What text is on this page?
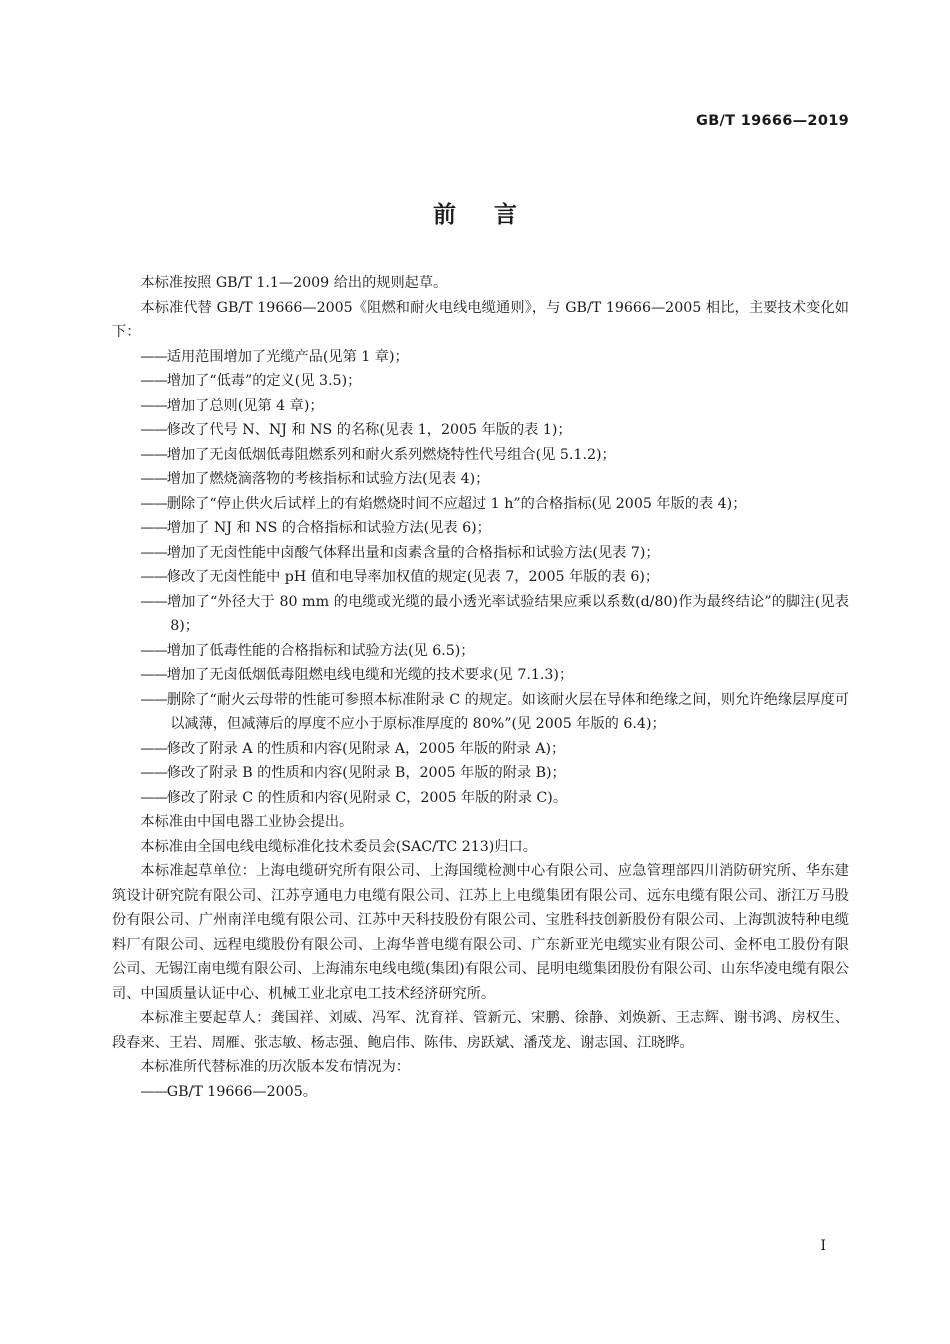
GB/T 19666—2019
前言

本标准按照 GB/T 1.1—2009 给出的规则起草。

本标准代替 GB/T 19666—2005《阻燃和耐火电线电缆通则》，与 GB/T 19666—2005 相比，主要技术变化如下：

——适用范围增加了光缆产品(见第 1 章)；

——增加了“低毒”的定义(见 3.5)；

——增加了总则(见第 4 章)；

——修改了代号 N、NJ 和 NS 的名称(见表 1，2005 年版的表 1)；

——增加了无卤低烟低毒阻燃系列和耐火系列燃烧特性代号组合(见 5.1.2)；

——增加了燃烧滴落物的考核指标和试验方法(见表 4)；

——删除了“停止供火后试样上的有焰燃烧时间不应超过 1 h”的合格指标(见 2005 年版的表 4)；

——增加了 NJ 和 NS 的合格指标和试验方法(见表 6)；

——增加了无卤性能中卤酸气体释出量和卤素含量的合格指标和试验方法(见表 7)；

——修改了无卤性能中 pH 值和电导率加权值的规定(见表 7，2005 年版的表 6)；

——增加了“外径大于 80 mm 的电缆或光缆的最小透光率试验结果应乘以系数(d/80)作为最终结论”的脚注(见表 8)；

——增加了低毒性能的合格指标和试验方法(见 6.5)；

——增加了无卤低烟低毒阻燃电线电缆和光缆的技术要求(见 7.1.3)；

——删除了“耐火云母带的性能可参照本标准附录 C 的规定。如该耐火层在导体和绝缘之间，则允许绝缘层厚度可以减薄，但减薄后的厚度不应小于原标准厚度的 80%”(见 2005 年版的 6.4)；

——修改了附录 A 的性质和内容(见附录 A，2005 年版的附录 A)；

——修改了附录 B 的性质和内容(见附录 B，2005 年版的附录 B)；

——修改了附录 C 的性质和内容(见附录 C，2005 年版的附录 C)。

本标准由中国电器工业协会提出。

本标准由全国电线电缆标准化技术委员会(SAC/TC 213)归口。

本标准起草单位：上海电缆研究所有限公司、上海国缆检测中心有限公司、应急管理部四川消防研究所、华东建筑设计研究院有限公司、江苏亨通电力电缆有限公司、江苏上上电缆集团有限公司、远东电缆有限公司、浙江万马股份有限公司、广州南洋电缆有限公司、江苏中天科技股份有限公司、宝胜科技创新股份有限公司、上海凯波特种电缆料厂有限公司、远程电缆股份有限公司、上海华普电缆有限公司、广东新亚光电缆实业有限公司、金杯电工股份有限公司、无锡江南电缆有限公司、上海浦东电线电缆(集团)有限公司、昆明电缆集团股份有限公司、山东华凌电缆有限公司、中国质量认证中心、机械工业北京电工技术经济研究所。

本标准主要起草人：龚国祥、刘威、冯军、沈育祥、管新元、宋鹏、徐静、刘焕新、王志辉、谢书鸿、房权生、段春来、王岩、周雁、张志敏、杨志强、鲍启伟、陈伟、房跃斌、潘茂龙、谢志国、江晓晔。

本标准所代替标准的历次版本发布情况为：

——GB/T 19666—2005。

I
